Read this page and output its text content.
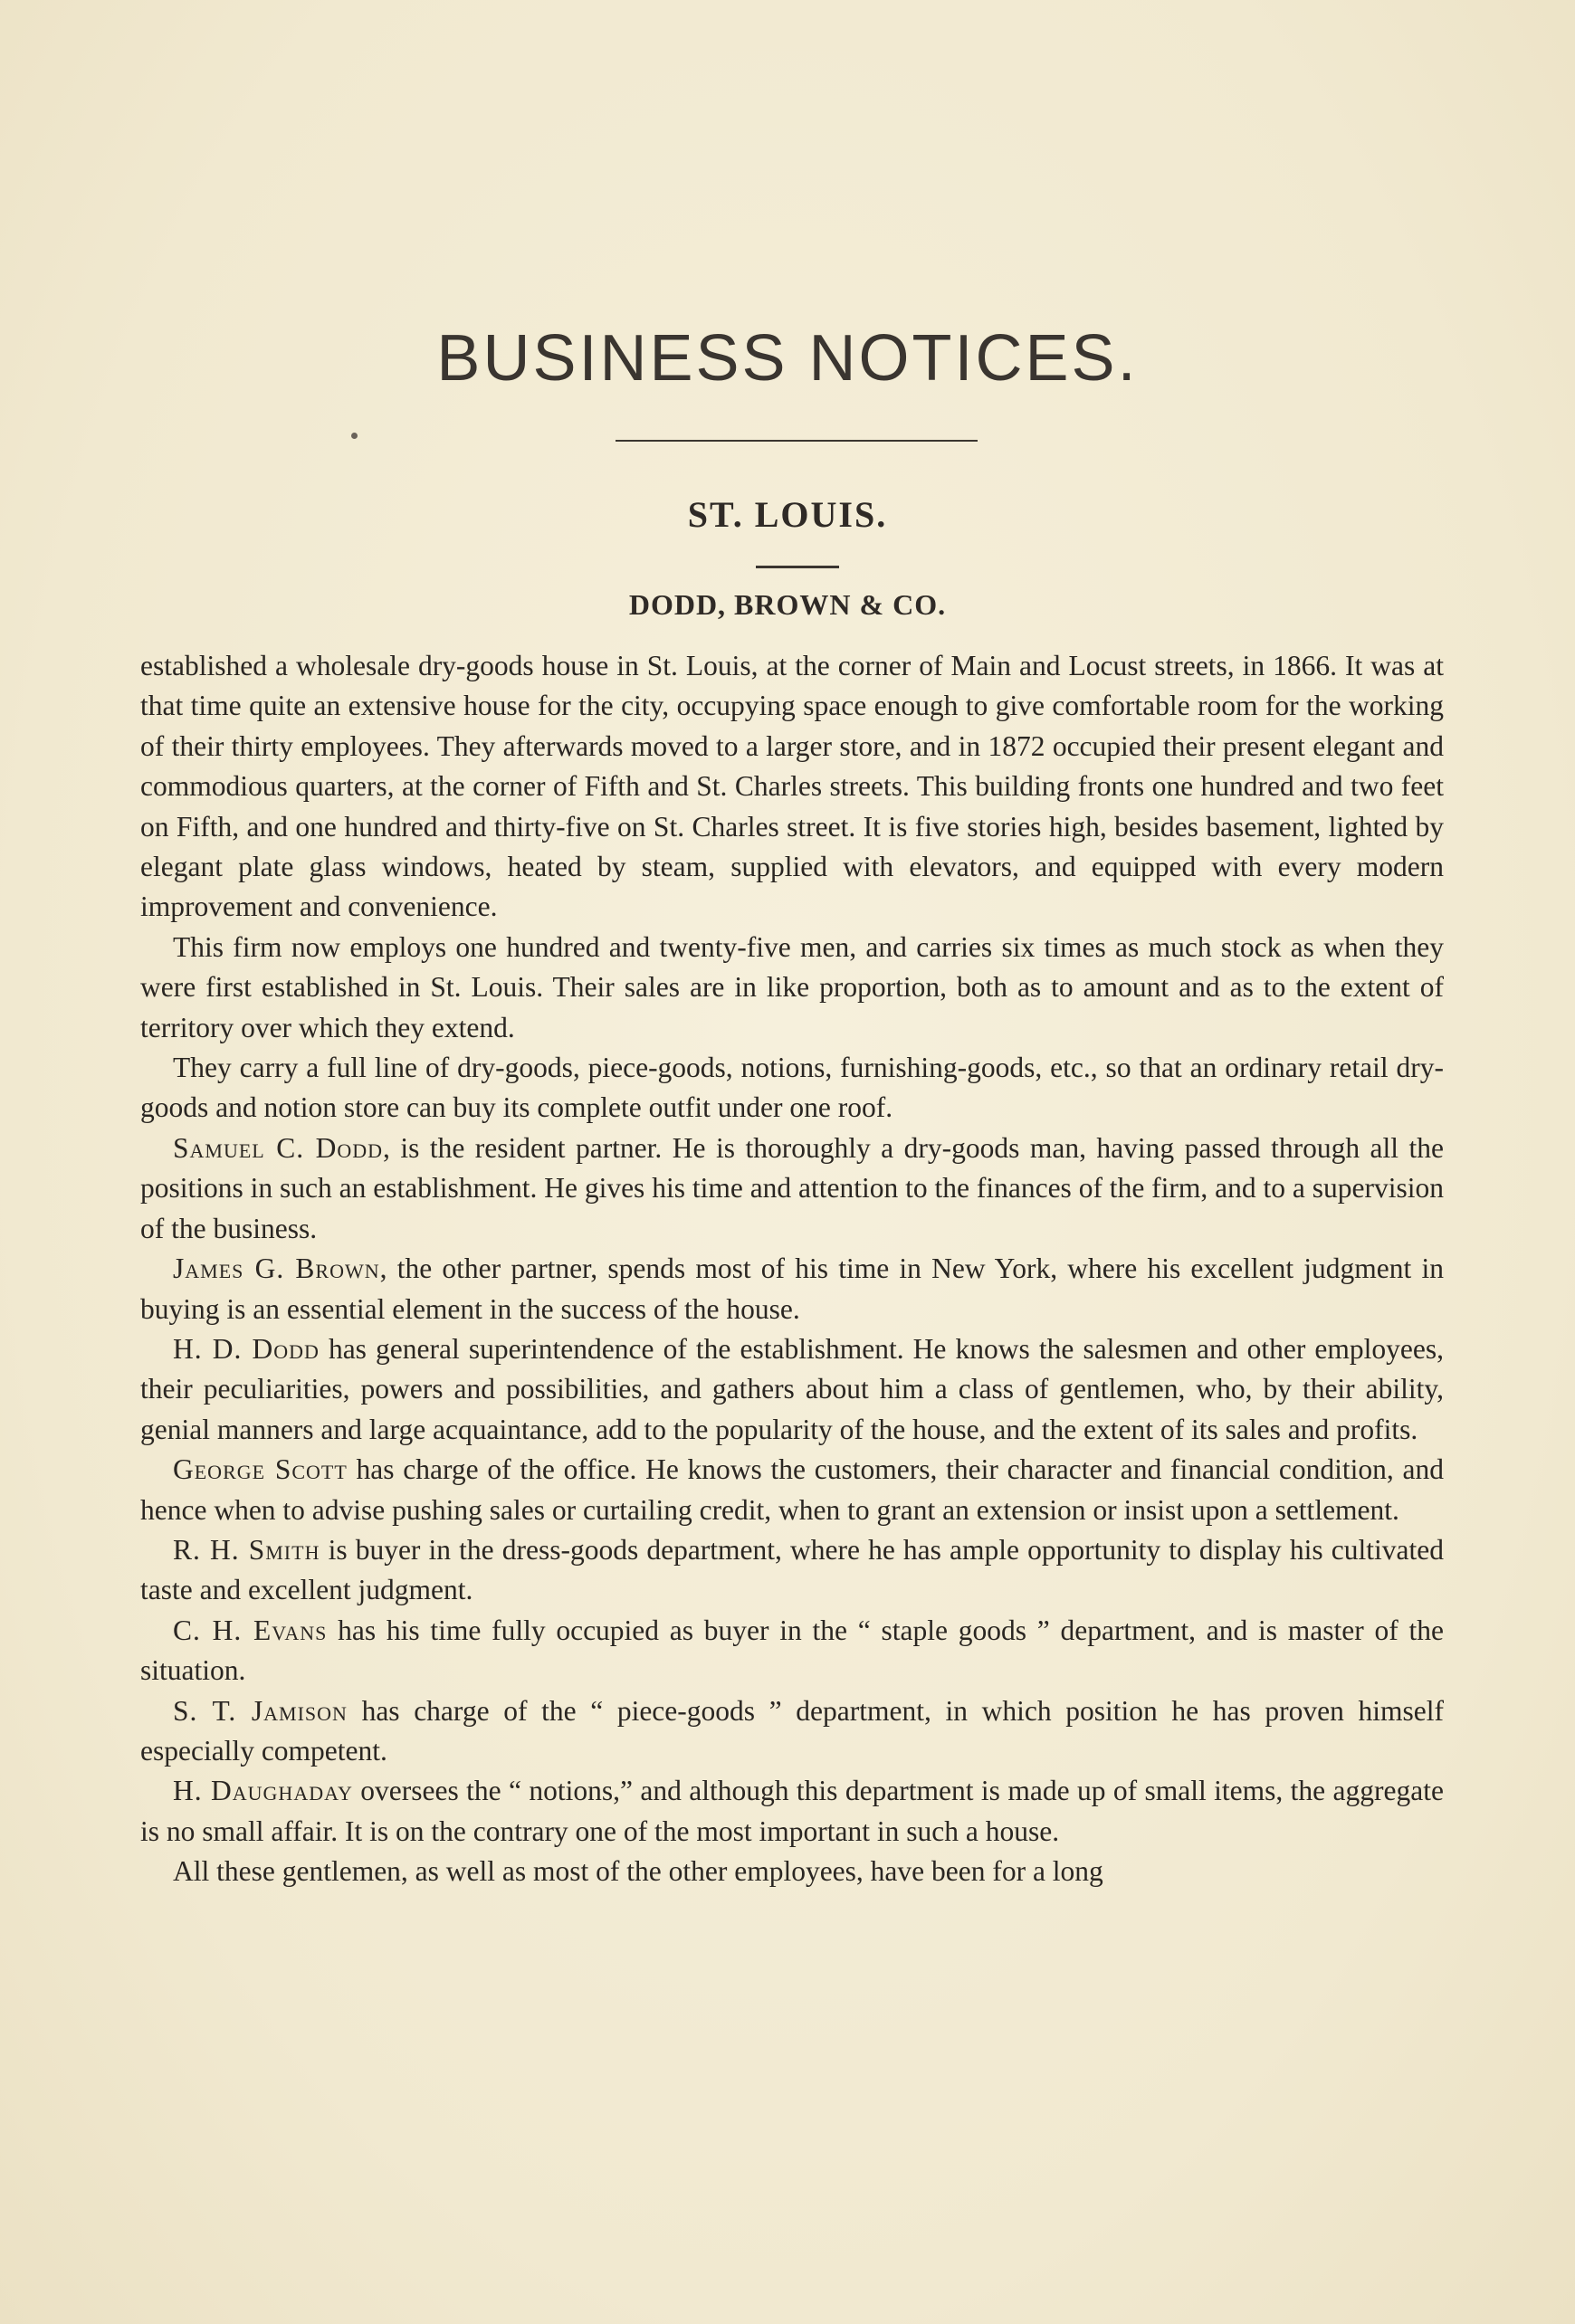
BUSINESS NOTICES.
ST. LOUIS.
DODD, BROWN & CO.

established a wholesale dry-goods house in St. Louis, at the corner of Main and Locust streets, in 1866. It was at that time quite an extensive house for the city, occupying space enough to give comfortable room for the working of their thirty employees. They afterwards moved to a larger store, and in 1872 occupied their present elegant and commodious quarters, at the corner of Fifth and St. Charles streets. This building fronts one hundred and two feet on Fifth, and one hundred and thirty-five on St. Charles street. It is five stories high, besides basement, lighted by elegant plate glass windows, heated by steam, supplied with elevators, and equipped with every modern improvement and convenience.

This firm now employs one hundred and twenty-five men, and carries six times as much stock as when they were first established in St. Louis. Their sales are in like proportion, both as to amount and as to the extent of territory over which they extend.

They carry a full line of dry-goods, piece-goods, notions, furnishing-goods, etc., so that an ordinary retail dry-goods and notion store can buy its complete outfit under one roof.

Samuel C. Dodd, is the resident partner. He is thoroughly a dry-goods man, having passed through all the positions in such an establishment. He gives his time and attention to the finances of the firm, and to a supervision of the business.

James G. Brown, the other partner, spends most of his time in New York, where his excellent judgment in buying is an essential element in the success of the house.

H. D. Dodd has general superintendence of the establishment. He knows the salesmen and other employees, their peculiarities, powers and possibilities, and gathers about him a class of gentlemen, who, by their ability, genial manners and large acquaintance, add to the popularity of the house, and the extent of its sales and profits.

George Scott has charge of the office. He knows the customers, their character and financial condition, and hence when to advise pushing sales or curtailing credit, when to grant an extension or insist upon a settlement.

R. H. Smith is buyer in the dress-goods department, where he has ample opportunity to display his cultivated taste and excellent judgment.

C. H. Evans has his time fully occupied as buyer in the “ staple goods ” department, and is master of the situation.

S. T. Jamison has charge of the “ piece-goods ” department, in which position he has proven himself especially competent.

H. Daughaday oversees the “ notions,” and although this department is made up of small items, the aggregate is no small affair. It is on the contrary one of the most important in such a house.

All these gentlemen, as well as most of the other employees, have been for a long
